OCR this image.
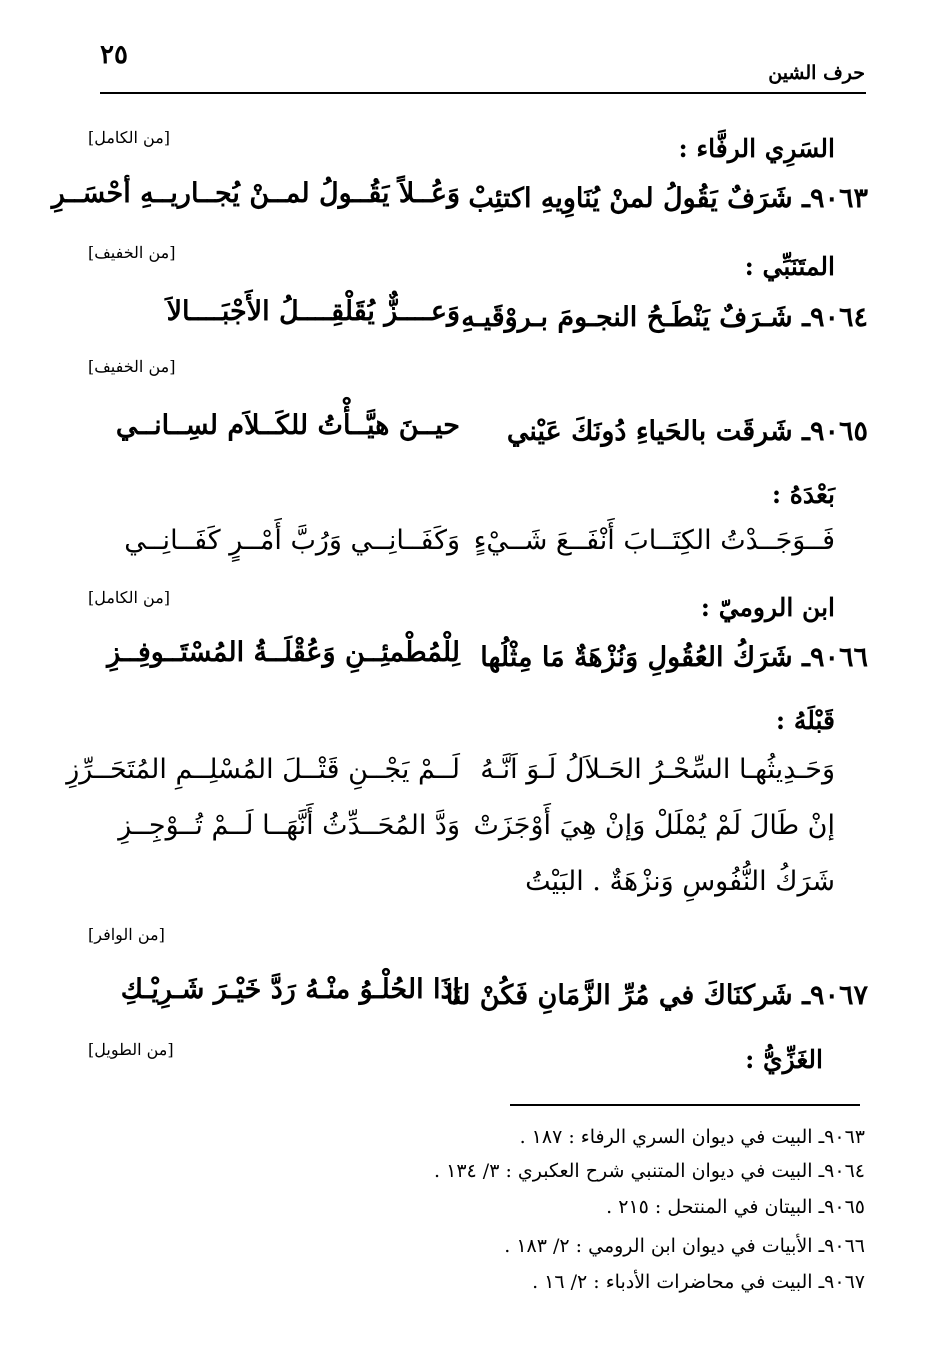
٢٥
حرف الشين
السَرِي الرفَّاء :
[من الكامل]
٩٠٦٣ـ شَرَفٌ يَقُولُ لمنْ يُنَاوِيهِ اكتئِبْ
وَعُــلاً يَقُــولُ لمــنْ يُجــاريــهِ أحْسَــرِ
المتَنَبِّي :
[من الخفيف]
٩٠٦٤ـ شَـرَفٌ يَنْطَـحُ النجـومَ بـروْقَيـهِ
وَعــــزٌّ يُقَلْقِــــلُ الأَجْبَــــالاَ
[من الخفيف]
٩٠٦٥ـ شَرقَت بالحَياءِ دُونَكَ عَيْني
حيــنَ هيَّــأْتُ للكَــلاَم لسِــانــي
بَعْدَهُ :
فَــوَجَــدْتُ الكِتَــابَ أَنْفَــعَ شَــيْءٍ
وَكَفَــانِــي وَرُبَّ أَمْــرٍ كَفَــانِــي
ابن الروميّ :
[من الكامل]
٩٠٦٦ـ شَرَكُ العُقُولِ وَنُزْهَةٌ مَا مِثْلُها
لِلْمُطْمئِــنِ وَعُقْلَــةُ المُسْتَــوفِــزِ
قَبْلَهُ :
وَحَـدِيثُهـا السِّحْـرُ الحَـلاَلُ لَـوَ اَنَّـهُ
لَــمْ يَجْــنِ قَتْــلَ المُسْلِــمِ المُتَحَــرِّزِ
إنْ طَالَ لَمْ يُمْلَلْ وَإنْ هِيَ أَوْجَزَتْ
وَدَّ المُحَــدِّثُ أَنَّهَــا لَــمْ تُــوْجِــزِ
شَرَكُ النُّفُوسِ وَنزْهَةٌ . البَيْتُ
[من الوافر]
٩٠٦٧ـ شَركنَاكَ في مُرِّ الزَّمَانِ فَكُنْ لنَا
إذَا الحُلْـوُ منْـهُ رَدَّ خَيْـرَ شَـرِيْـكِ
الغَزِّيُّ :
[من الطويل]
٩٠٦٣ـ البيت في ديوان السري الرفاء : ١٨٧ .
٩٠٦٤ـ البيت في ديوان المتنبي شرح العكبري : ٣/ ١٣٤ .
٩٠٦٥ـ البيتان في المنتحل : ٢١٥ .
٩٠٦٦ـ الأبيات في ديوان ابن الرومي : ٢/ ١٨٣ .
٩٠٦٧ـ البيت في محاضرات الأدباء : ٢/ ١٦ .
